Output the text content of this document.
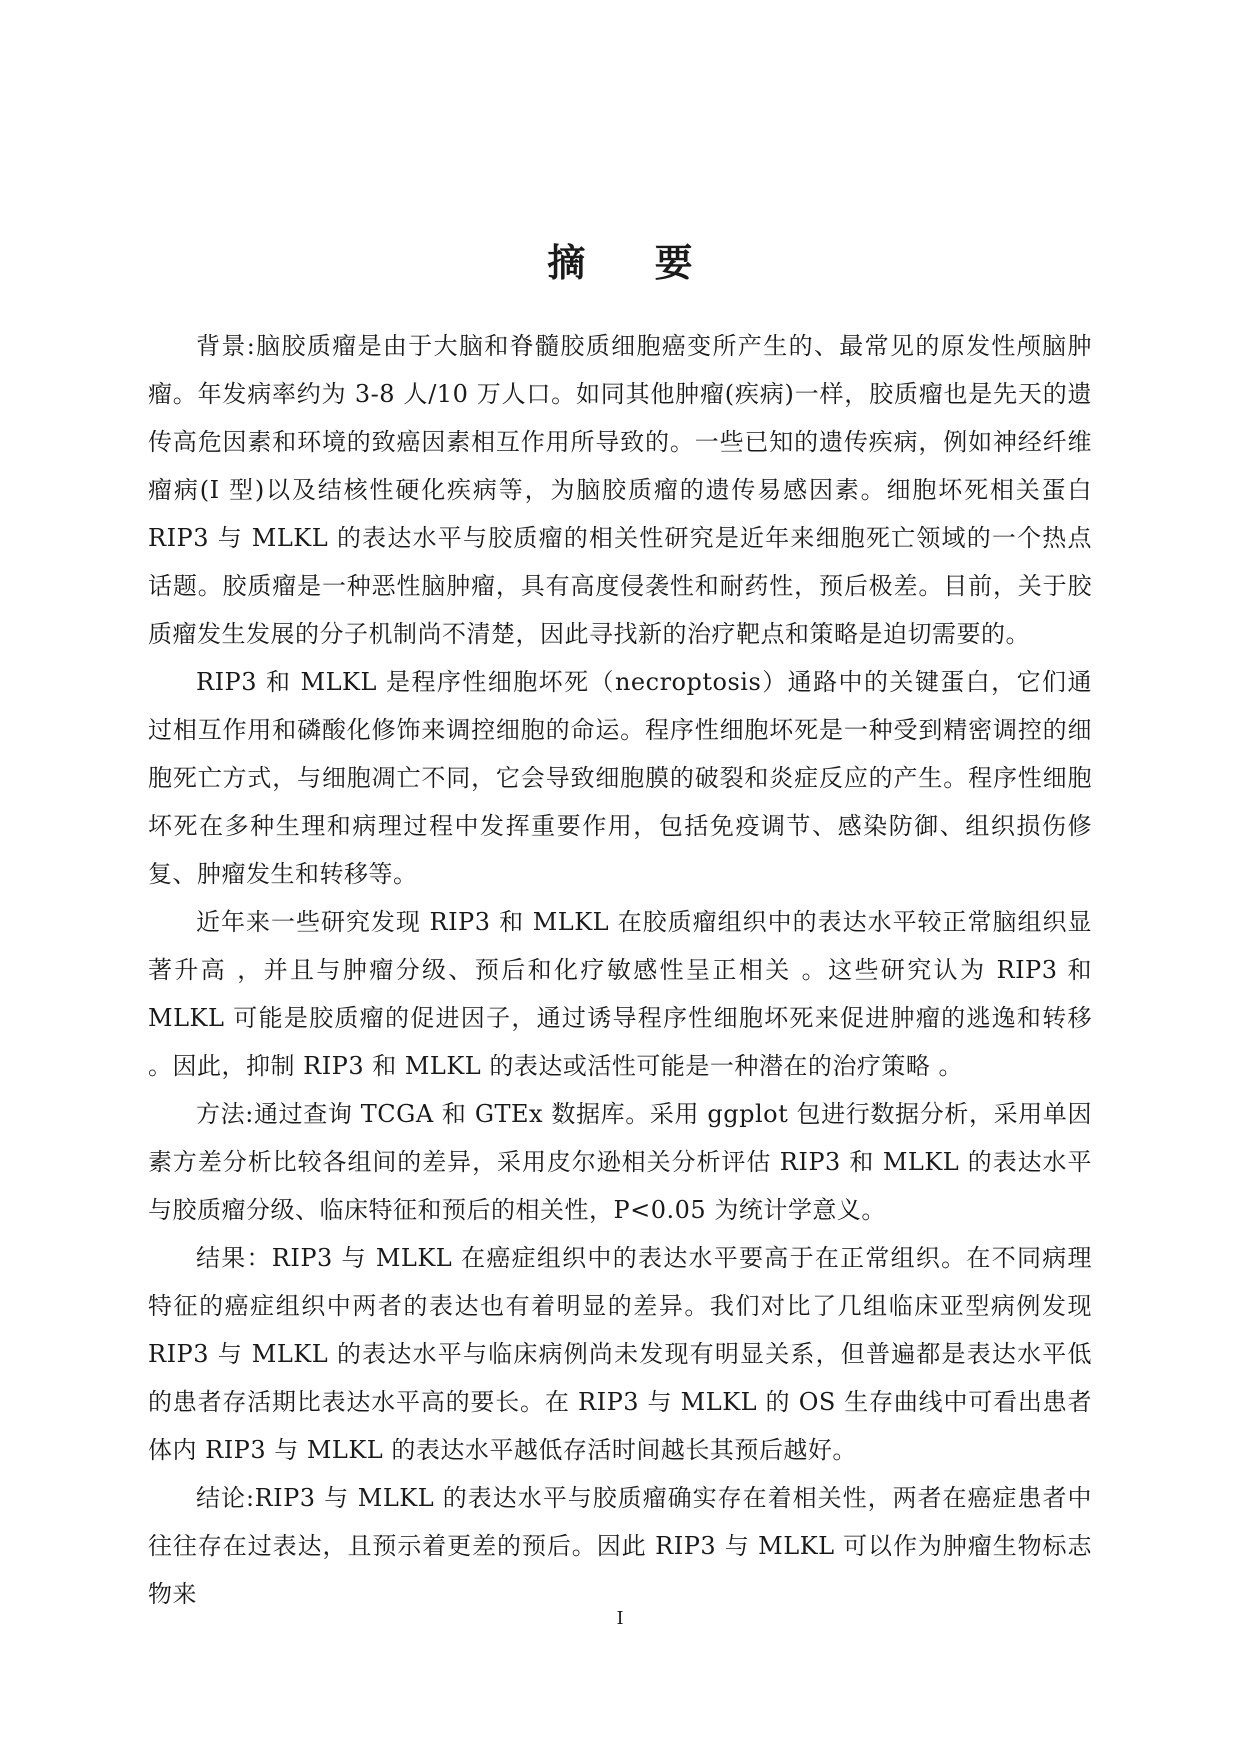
摘 要

背景:脑胶质瘤是由于大脑和脊髓胶质细胞癌变所产生的、最常见的原发性颅脑肿瘤。年发病率约为 3-8 人/10 万人口。如同其他肿瘤(疾病)一样，胶质瘤也是先天的遗传高危因素和环境的致癌因素相互作用所导致的。一些已知的遗传疾病，例如神经纤维瘤病(I 型)以及结核性硬化疾病等，为脑胶质瘤的遗传易感因素。细胞坏死相关蛋白 RIP3 与 MLKL 的表达水平与胶质瘤的相关性研究是近年来细胞死亡领域的一个热点话题。胶质瘤是一种恶性脑肿瘤，具有高度侵袭性和耐药性，预后极差。目前，关于胶质瘤发生发展的分子机制尚不清楚，因此寻找新的治疗靶点和策略是迫切需要的。

RIP3 和 MLKL 是程序性细胞坏死（necroptosis）通路中的关键蛋白，它们通过相互作用和磷酸化修饰来调控细胞的命运。程序性细胞坏死是一种受到精密调控的细胞死亡方式，与细胞凋亡不同，它会导致细胞膜的破裂和炎症反应的产生。程序性细胞坏死在多种生理和病理过程中发挥重要作用，包括免疫调节、感染防御、组织损伤修复、肿瘤发生和转移等。

近年来一些研究发现 RIP3 和 MLKL 在胶质瘤组织中的表达水平较正常脑组织显著升高 ，并且与肿瘤分级、预后和化疗敏感性呈正相关 。这些研究认为 RIP3 和 MLKL 可能是胶质瘤的促进因子，通过诱导程序性细胞坏死来促进肿瘤的逃逸和转移 。因此，抑制 RIP3 和 MLKL 的表达或活性可能是一种潜在的治疗策略 。

方法:通过查询 TCGA 和 GTEx 数据库。采用 ggplot 包进行数据分析，采用单因素方差分析比较各组间的差异，采用皮尔逊相关分析评估 RIP3 和 MLKL 的表达水平与胶质瘤分级、临床特征和预后的相关性，P<0.05 为统计学意义。

结果：RIP3 与 MLKL 在癌症组织中的表达水平要高于在正常组织。在不同病理特征的癌症组织中两者的表达也有着明显的差异。我们对比了几组临床亚型病例发现 RIP3 与 MLKL 的表达水平与临床病例尚未发现有明显关系，但普遍都是表达水平低的患者存活期比表达水平高的要长。在 RIP3 与 MLKL 的 OS 生存曲线中可看出患者体内 RIP3 与 MLKL 的表达水平越低存活时间越长其预后越好。

结论:RIP3 与 MLKL 的表达水平与胶质瘤确实存在着相关性，两者在癌症患者中往往存在过表达，且预示着更差的预后。因此 RIP3 与 MLKL 可以作为肿瘤生物标志物来

I
